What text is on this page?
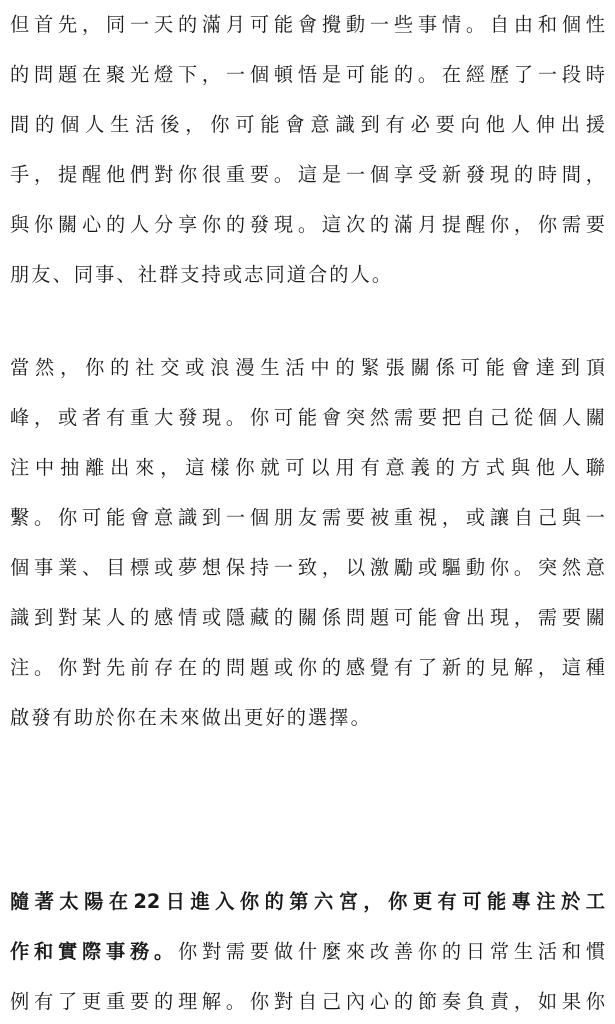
但首先，同一天的滿月可能會攪動一些事情。自由和個性
的問題在聚光燈下，一個頓悟是可能的。在經歷了一段時
間的個人生活後，你可能會意識到有必要向他人伸出援
手，提醒他們對你很重要。這是一個享受新發現的時間，
與你關心的人分享你的發現。這次的滿月提醒你，你需要
朋友、同事、社群支持或志同道合的人。
當然，你的社交或浪漫生活中的緊張關係可能會達到頂
峰，或者有重大發現。你可能會突然需要把自己從個人關
注中抽離出來，這樣你就可以用有意義的方式與他人聯
繫。你可能會意識到一個朋友需要被重視，或讓自己與一
個事業、目標或夢想保持一致，以激勵或驅動你。突然意
識到對某人的感情或隱藏的關係問題可能會出現，需要關
注。你對先前存在的問題或你的感覺有了新的見解，這種
啟發有助於你在未來做出更好的選擇。
隨著太陽在22日進入你的第六宮，你更有可能專注於工
作和實際事務。你對需要做什麼來改善你的日常生活和慣
例有了更重要的理解。你對自己內心的節奏負責，如果你
